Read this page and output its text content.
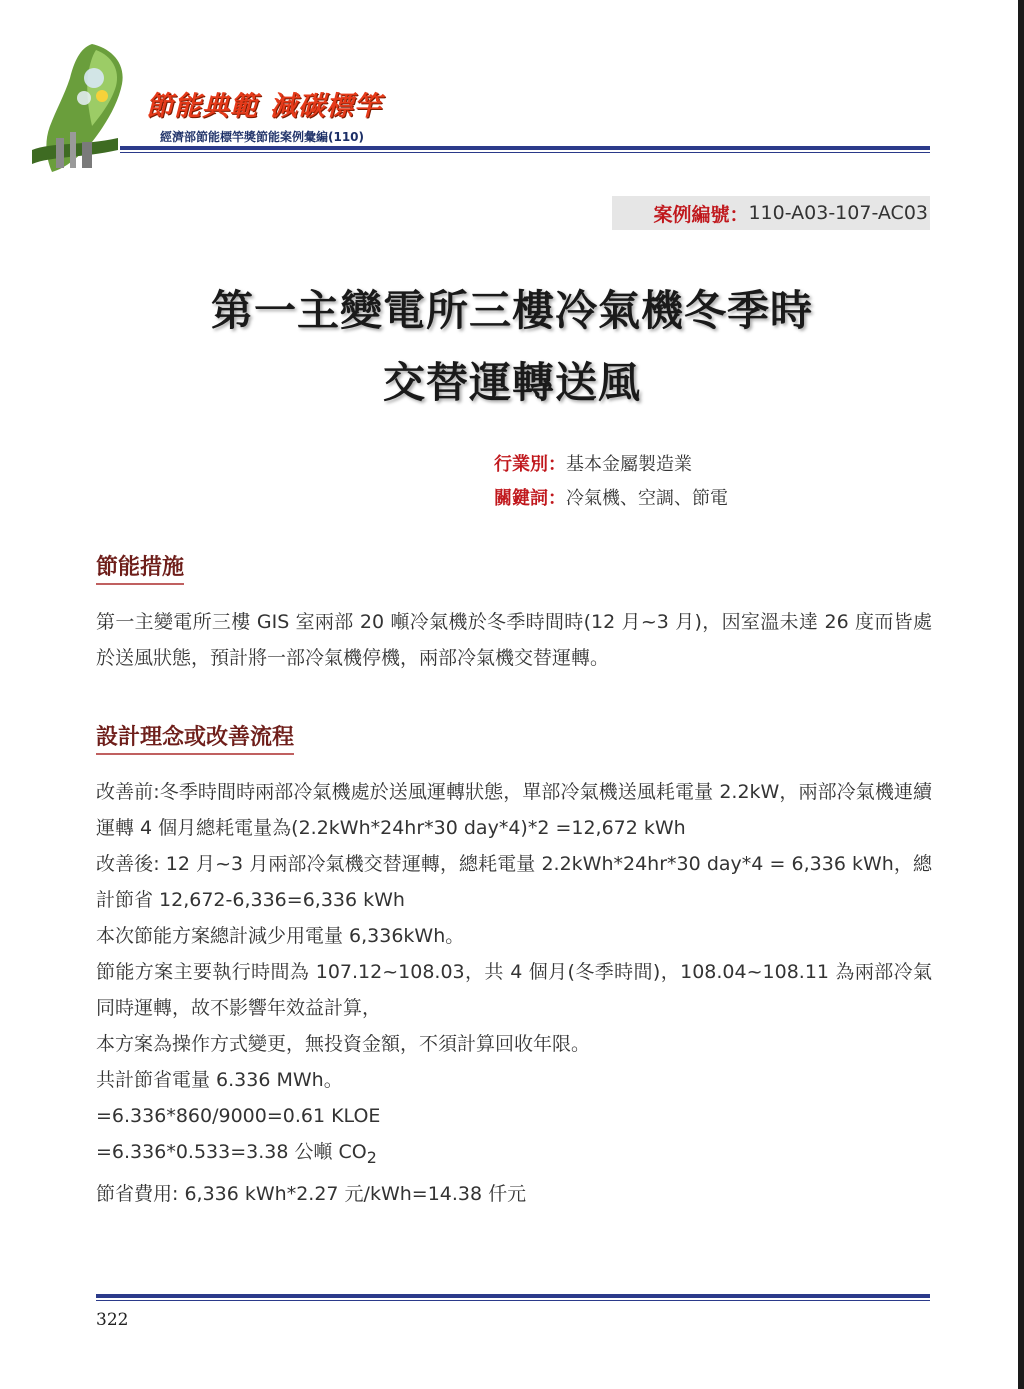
節能典範 減碳標竿
經濟部節能標竿獎節能案例彙編(110)
案例編號： 110-A03-107-AC03
第一主變電所三樓冷氣機冬季時
交替運轉送風
行業別：基本金屬製造業
關鍵詞：冷氣機、空調、節電
節能措施

第一主變電所三樓 GIS 室兩部 20 噸冷氣機於冬季時間時(12 月~3 月)，因室溫未達 26 度而皆處於送風狀態，預計將一部冷氣機停機，兩部冷氣機交替運轉。

設計理念或改善流程

改善前:冬季時間時兩部冷氣機處於送風運轉狀態，單部冷氣機送風耗電量 2.2kW，兩部冷氣機連續運轉 4 個月總耗電量為(2.2kWh*24hr*30 day*4)*2 =12,672 kWh

改善後: 12 月~3 月兩部冷氣機交替運轉，總耗電量 2.2kWh*24hr*30 day*4 = 6,336 kWh，總計節省 12,672-6,336=6,336 kWh

本次節能方案總計減少用電量 6,336kWh。

節能方案主要執行時間為 107.12~108.03，共 4 個月(冬季時間)，108.04~108.11 為兩部冷氣同時運轉，故不影響年效益計算，

本方案為操作方式變更，無投資金額，不須計算回收年限。

共計節省電量 6.336 MWh。

=6.336*860/9000=0.61 KLOE

=6.336*0.533=3.38 公噸 $CO_2$

節省費用: 6,336 kWh*2.27 元/kWh=14.38 仟元

322
